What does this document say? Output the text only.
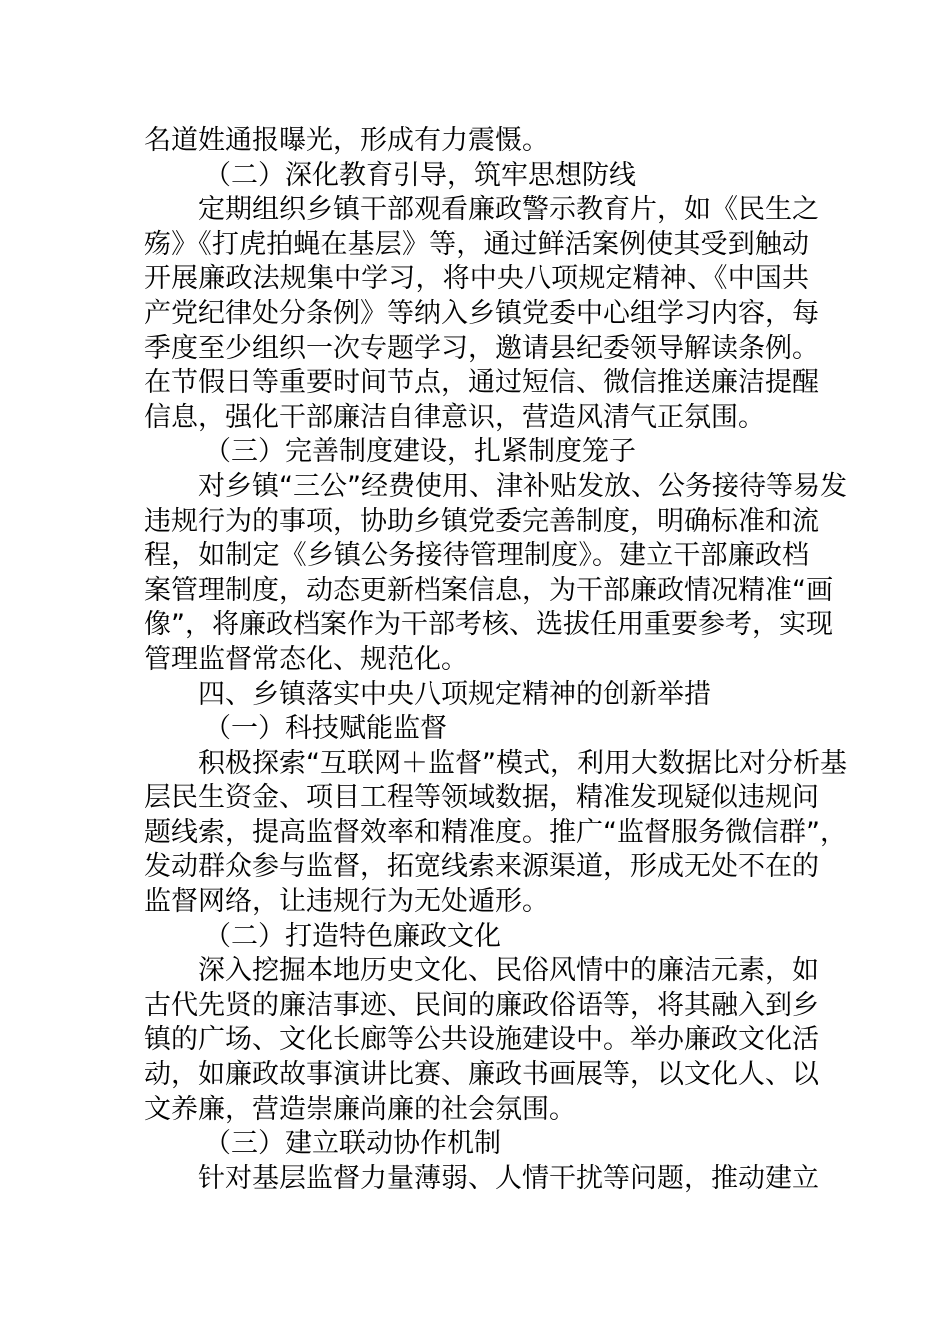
名道姓通报曝光，形成有力震慑。
（二）深化教育引导，筑牢思想防线
定期组织乡镇干部观看廉政警示教育片，如《民生之
殇》《打虎拍蝇在基层》等，通过鲜活案例使其受到触动
开展廉政法规集中学习，将中央八项规定精神、《中国共
产党纪律处分条例》等纳入乡镇党委中心组学习内容，每
季度至少组织一次专题学习，邀请县纪委领导解读条例。
在节假日等重要时间节点，通过短信、微信推送廉洁提醒
信息，强化干部廉洁自律意识，营造风清气正氛围。
（三）完善制度建设，扎紧制度笼子
对乡镇“三公”经费使用、津补贴发放、公务接待等易发
违规行为的事项，协助乡镇党委完善制度，明确标准和流
程，如制定《乡镇公务接待管理制度》。建立干部廉政档
案管理制度，动态更新档案信息，为干部廉政情况精准“画
像”，将廉政档案作为干部考核、选拔任用重要参考，实现
管理监督常态化、规范化。
四、乡镇落实中央八项规定精神的创新举措
（一）科技赋能监督
积极探索“互联网＋监督”模式，利用大数据比对分析基
层民生资金、项目工程等领域数据，精准发现疑似违规问
题线索，提高监督效率和精准度。推广“监督服务微信群”，
发动群众参与监督，拓宽线索来源渠道，形成无处不在的
监督网络，让违规行为无处遁形。
（二）打造特色廉政文化
深入挖掘本地历史文化、民俗风情中的廉洁元素，如
古代先贤的廉洁事迹、民间的廉政俗语等，将其融入到乡
镇的广场、文化长廊等公共设施建设中。举办廉政文化活
动，如廉政故事演讲比赛、廉政书画展等，以文化人、以
文养廉，营造崇廉尚廉的社会氛围。
（三）建立联动协作机制
针对基层监督力量薄弱、人情干扰等问题，推动建立
